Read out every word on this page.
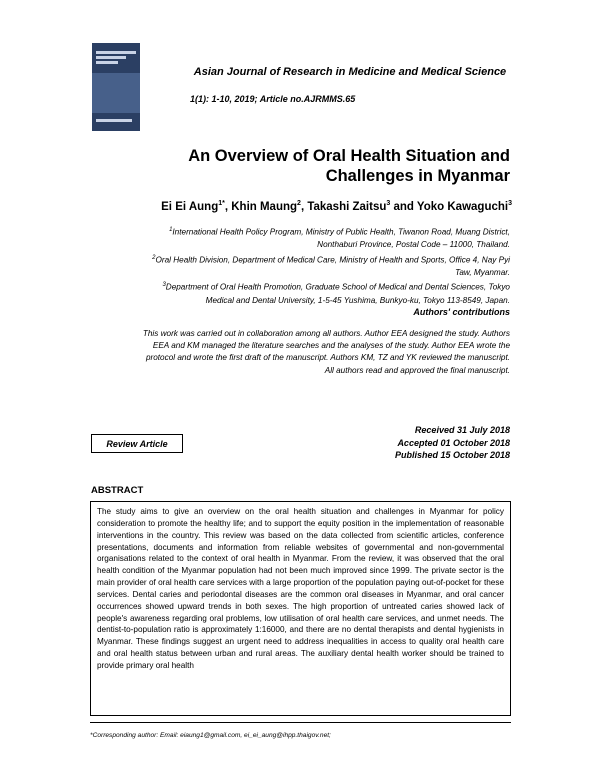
Asian Journal of Research in Medicine and Medical Science
1(1): 1-10, 2019; Article no.AJRMMS.65
An Overview of Oral Health Situation and
Challenges in Myanmar
Ei Ei Aung$^{1*}$, Khin Maung$^2$, Takashi Zaitsu$^3$ and Yoko Kawaguchi$^3$
$^1$International Health Policy Program, Ministry of Public Health, Tiwanon Road, Muang District,
Nonthaburi Province, Postal Code – 11000, Thailand.
$^2$Oral Health Division, Department of Medical Care, Ministry of Health and Sports, Office 4, Nay Pyi
Taw, Myanmar.
$^3$Department of Oral Health Promotion, Graduate School of Medical and Dental Sciences, Tokyo
Medical and Dental University, 1-5-45 Yushima, Bunkyo-ku, Tokyo 113-8549, Japan.
Authors' contributions
This work was carried out in collaboration among all authors. Author EEA designed the study. Authors
EEA and KM managed the literature searches and the analyses of the study. Author EEA wrote the
protocol and wrote the first draft of the manuscript. Authors KM, TZ and YK reviewed the manuscript.
All authors read and approved the final manuscript.
Received 31 July 2018
Accepted 01 October 2018
Published 15 October 2018
Review Article
ABSTRACT

The study aims to give an overview on the oral health situation and challenges in Myanmar for policy consideration to promote the healthy life; and to support the equity position in the implementation of reasonable interventions in the country. This review was based on the data collected from scientific articles, conference presentations, documents and information from reliable websites of governmental and non-governmental organisations related to the context of oral health in Myanmar. From the review, it was observed that the oral health condition of the Myanmar population had not been much improved since 1999. The private sector is the main provider of oral health care services with a large proportion of the population paying out-of-pocket for these services. Dental caries and periodontal diseases are the common oral diseases in Myanmar, and oral cancer occurrences showed upward trends in both sexes. The high proportion of untreated caries showed lack of people's awareness regarding oral problems, low utilisation of oral health care services, and unmet needs. The dentist-to-population ratio is approximately 1:16000, and there are no dental therapists and dental hygienists in Myanmar. These findings suggest an urgent need to address inequalities in access to quality oral health care and oral health status between urban and rural areas. The auxiliary dental health worker should be trained to provide primary oral health

*Corresponding author: Email: eiaung1@gmail.com, ei_ei_aung@ihpp.thaigov.net;
